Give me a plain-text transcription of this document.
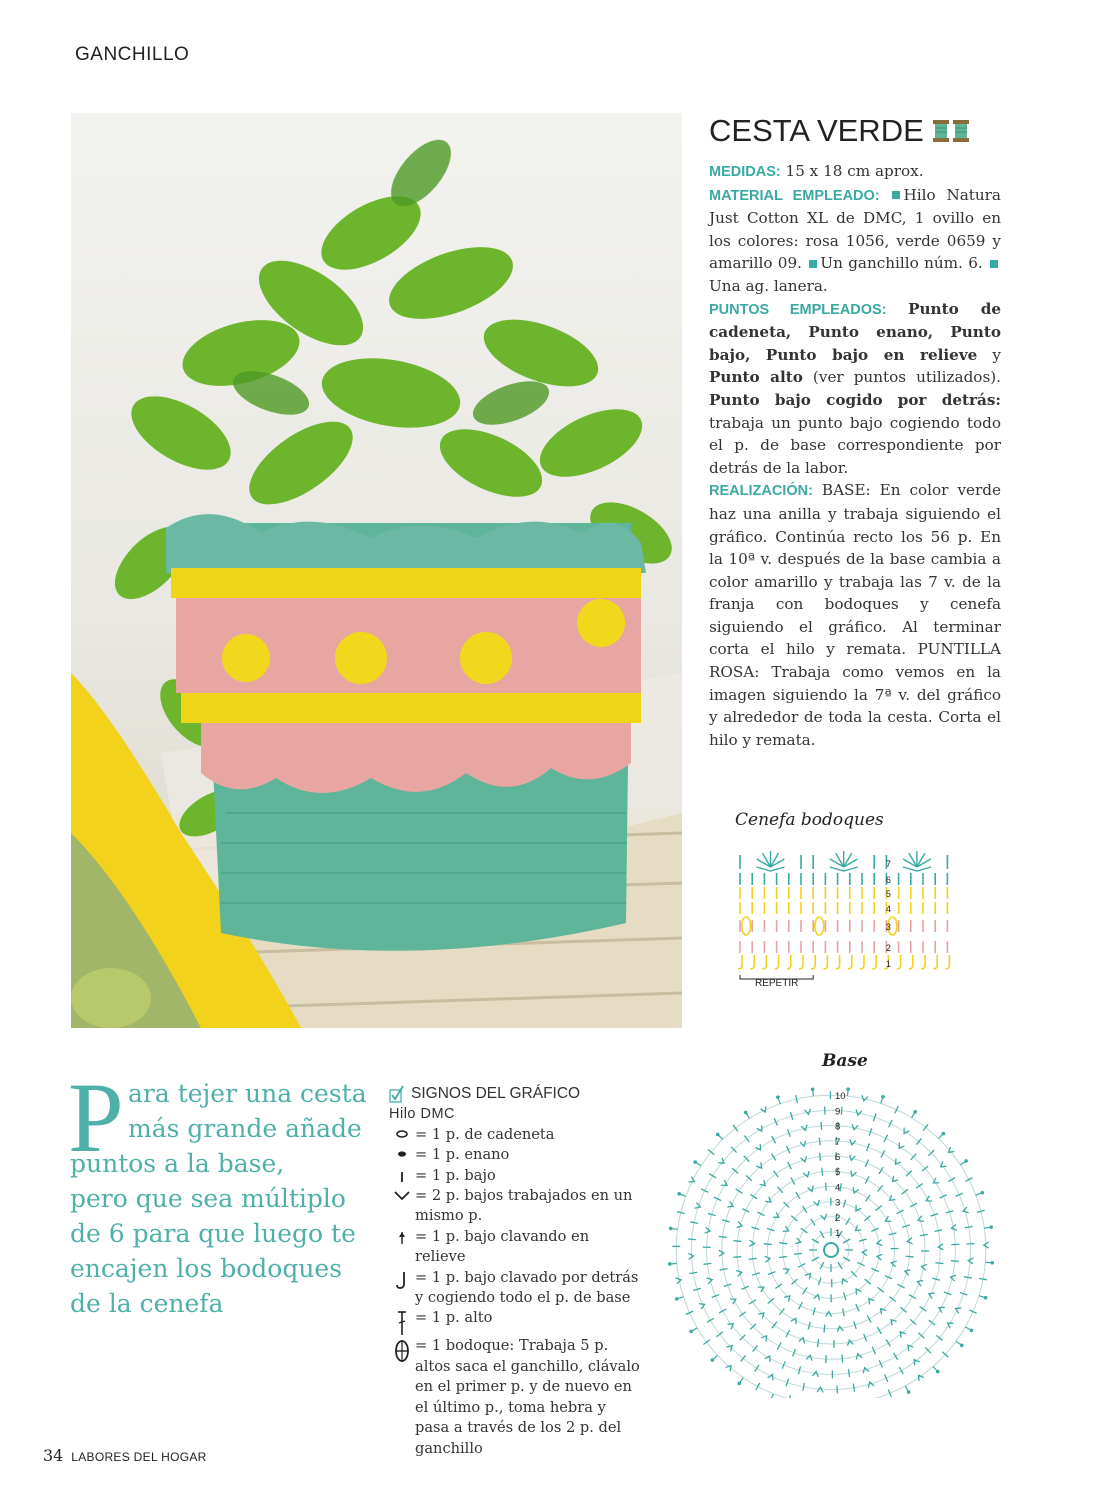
GANCHILLO
CESTA VERDE

MEDIDAS: 15 x 18 cm aprox.

MATERIAL EMPLEADO: Hilo Natura Just Cotton XL de DMC, 1 ovillo en los colores: rosa 1056, verde 0659 y amarillo 09. Un ganchillo núm. 6. Una ag. lanera.

PUNTOS EMPLEADOS: Punto de cadeneta, Punto enano, Punto bajo, Punto bajo en relieve y Punto alto (ver puntos utilizados). Punto bajo cogido por detrás: trabaja un punto bajo cogiendo todo el p. de base correspondiente por detrás de la labor.

REALIZACIÓN: BASE: En color verde haz una anilla y trabaja siguiendo el gráfico. Continúa recto los 56 p. En la 10ª v. después de la base cambia a color amarillo y trabaja las 7 v. de la franja con bodoques y cenefa siguiendo el gráfico. Al terminar corta el hilo y remata. PUNTILLA ROSA: Trabaja como vemos en la imagen siguiendo la 7ª v. del gráfico y alrededor de toda la cesta. Corta el hilo y remata.

Cenefa bodoques
7
6
5
4
3
2
1
REPETIR
Base
1
2
3
4
5
6
7
8
9
10
P ara tejer una cesta
más grande añade
puntos a la base,
pero que sea múltiplo
de 6 para que luego te
encajen los bodoques
de la cenefa
SIGNOS DEL GRÁFICO
Hilo DMC
= 1 p. de cadeneta
= 1 p. enano
= 1 p. bajo
= 2 p. bajos trabajados en un mismo p.
= 1 p. bajo clavando en relieve
= 1 p. bajo clavado por detrás y cogiendo todo el p. de base
= 1 p. alto
= 1 bodoque: Trabaja 5 p. altos saca el ganchillo, clávalo en el primer p. y de nuevo en el último p., toma hebra y pasa a través de los 2 p. del ganchillo
34 LABORES DEL HOGAR
